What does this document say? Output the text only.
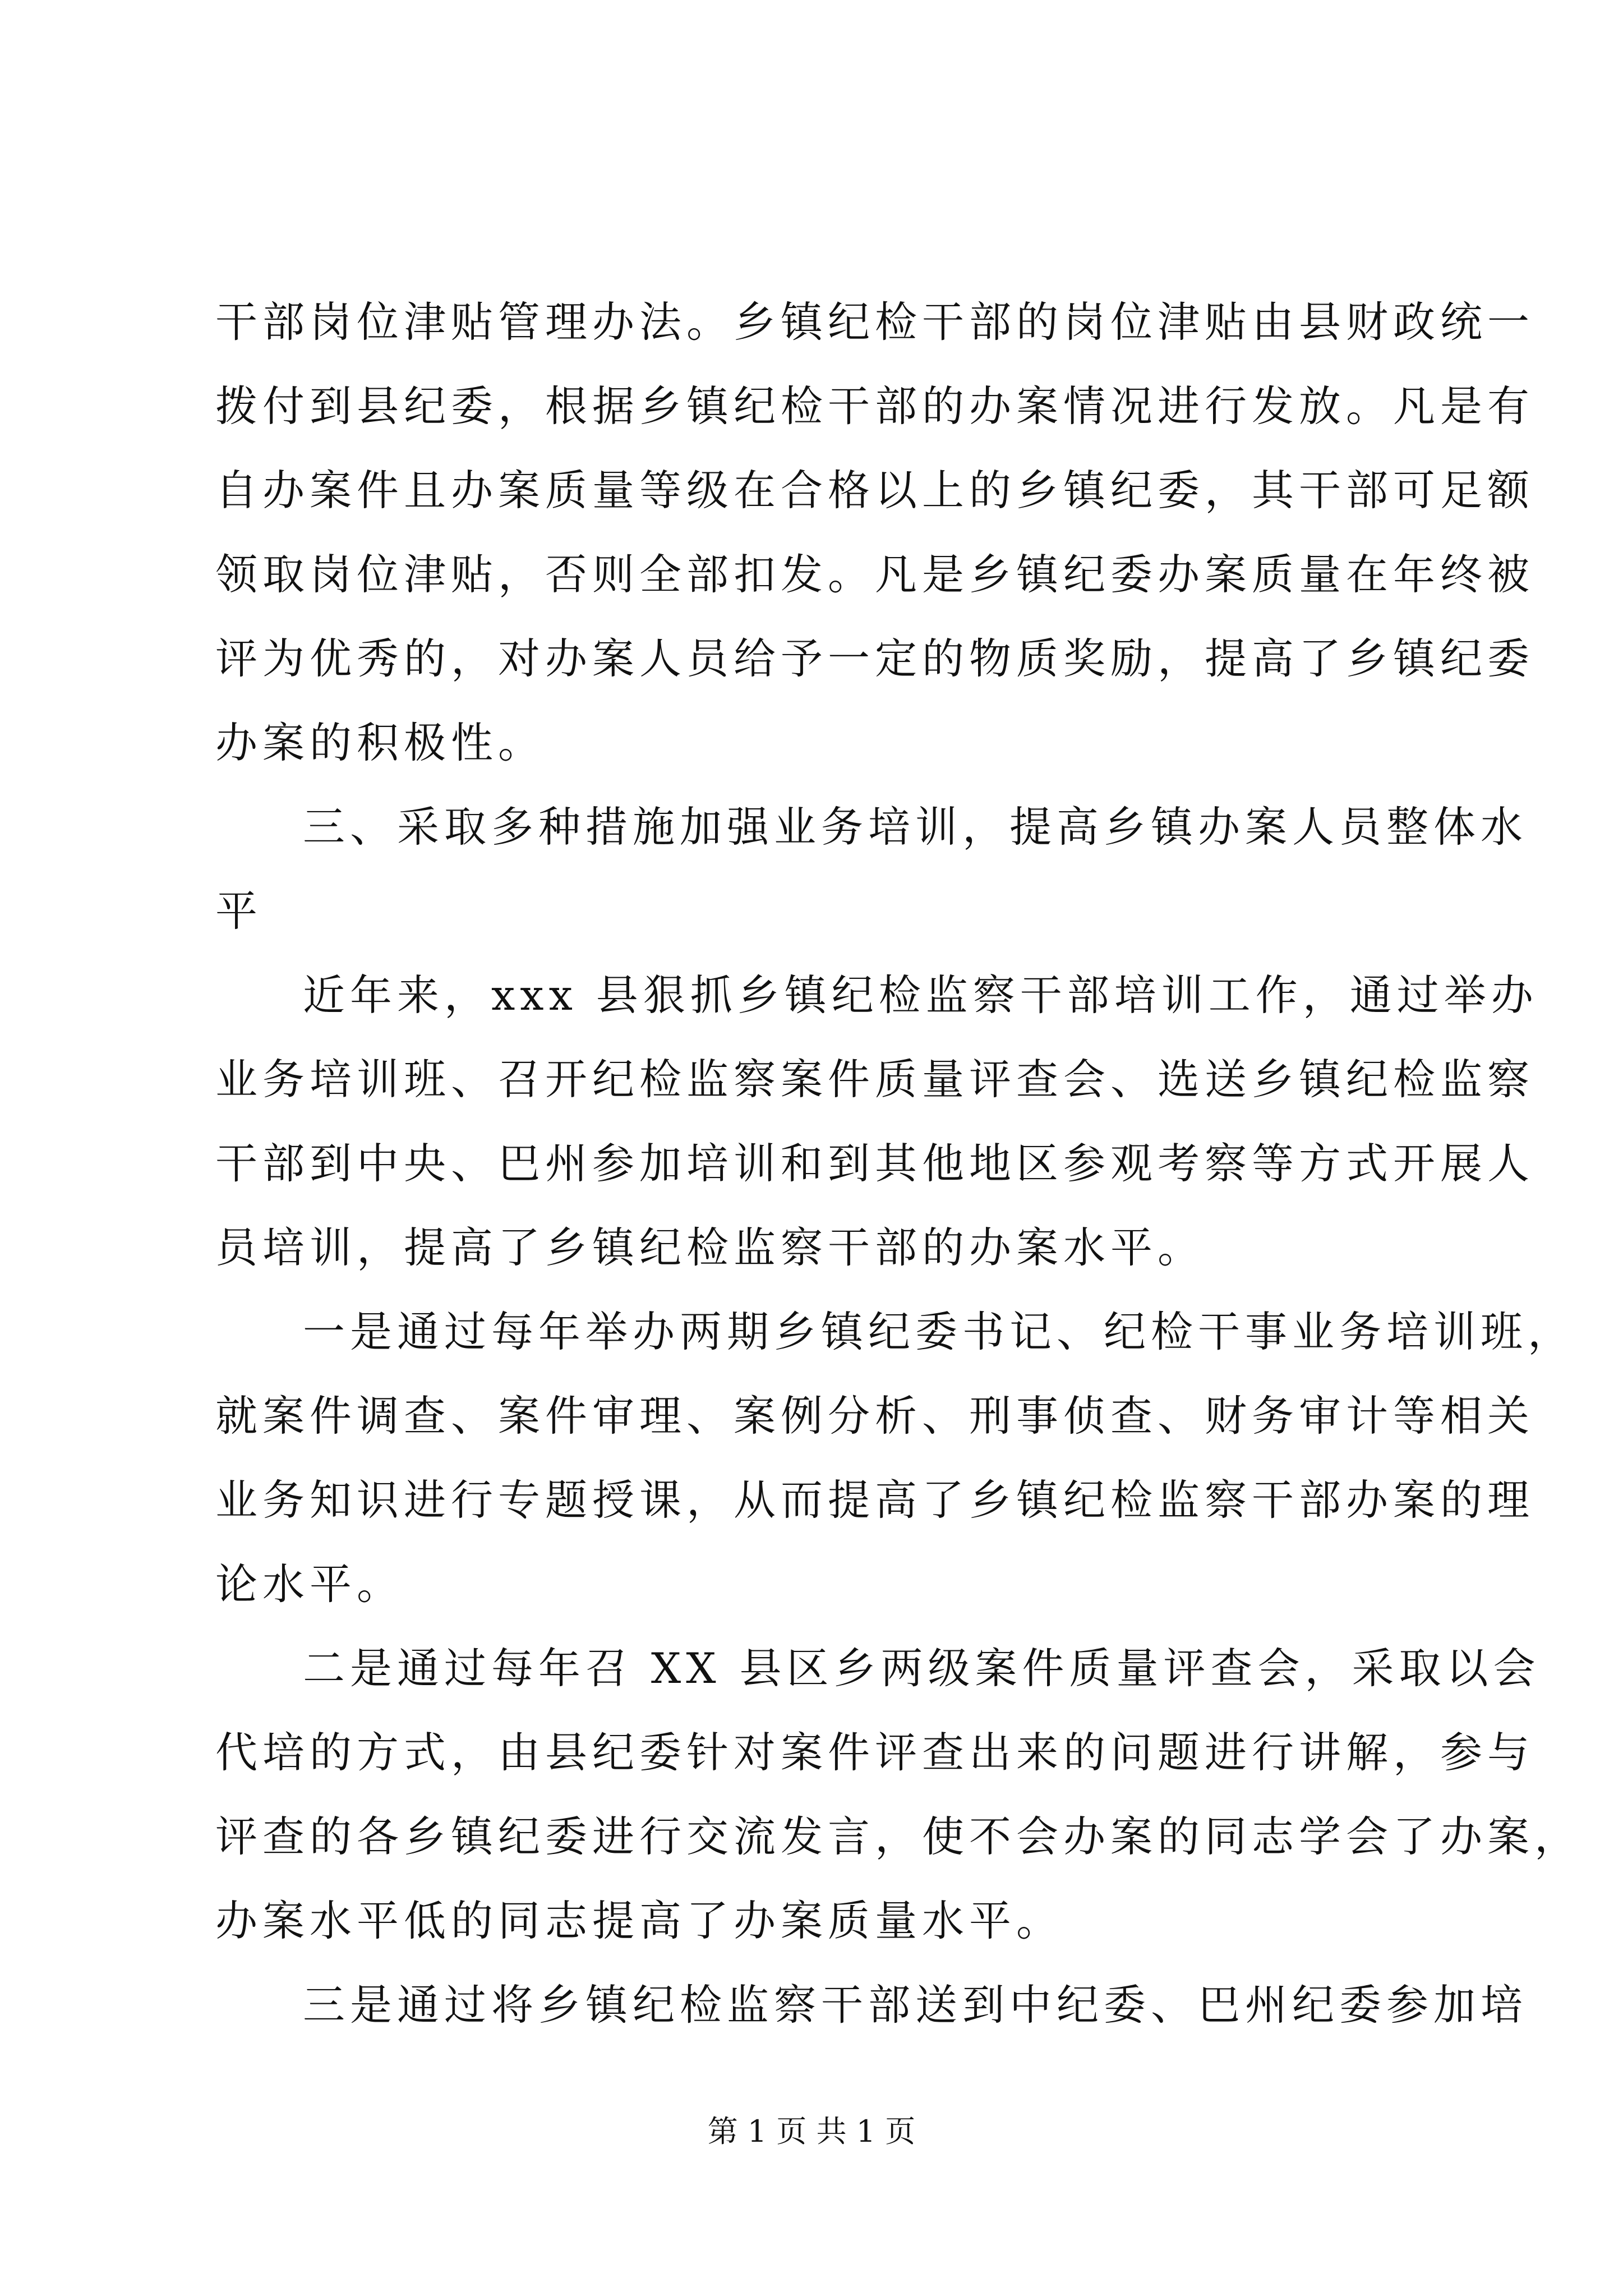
干部岗位津贴管理办法。乡镇纪检干部的岗位津贴由县财政统一
拨付到县纪委，根据乡镇纪检干部的办案情况进行发放。凡是有
自办案件且办案质量等级在合格以上的乡镇纪委，其干部可足额
领取岗位津贴，否则全部扣发。凡是乡镇纪委办案质量在年终被
评为优秀的，对办案人员给予一定的物质奖励，提高了乡镇纪委
办案的积极性。
三、采取多种措施加强业务培训，提高乡镇办案人员整体水
平
近年来，xxx 县狠抓乡镇纪检监察干部培训工作，通过举办
业务培训班、召开纪检监察案件质量评查会、选送乡镇纪检监察
干部到中央、巴州参加培训和到其他地区参观考察等方式开展人
员培训，提高了乡镇纪检监察干部的办案水平。
一是通过每年举办两期乡镇纪委书记、纪检干事业务培训班，
就案件调查、案件审理、案例分析、刑事侦查、财务审计等相关
业务知识进行专题授课，从而提高了乡镇纪检监察干部办案的理
论水平。
二是通过每年召 XX 县区乡两级案件质量评查会，采取以会
代培的方式，由县纪委针对案件评查出来的问题进行讲解，参与
评查的各乡镇纪委进行交流发言，使不会办案的同志学会了办案，
办案水平低的同志提高了办案质量水平。
三是通过将乡镇纪检监察干部送到中纪委、巴州纪委参加培
第 1 页 共 1 页
